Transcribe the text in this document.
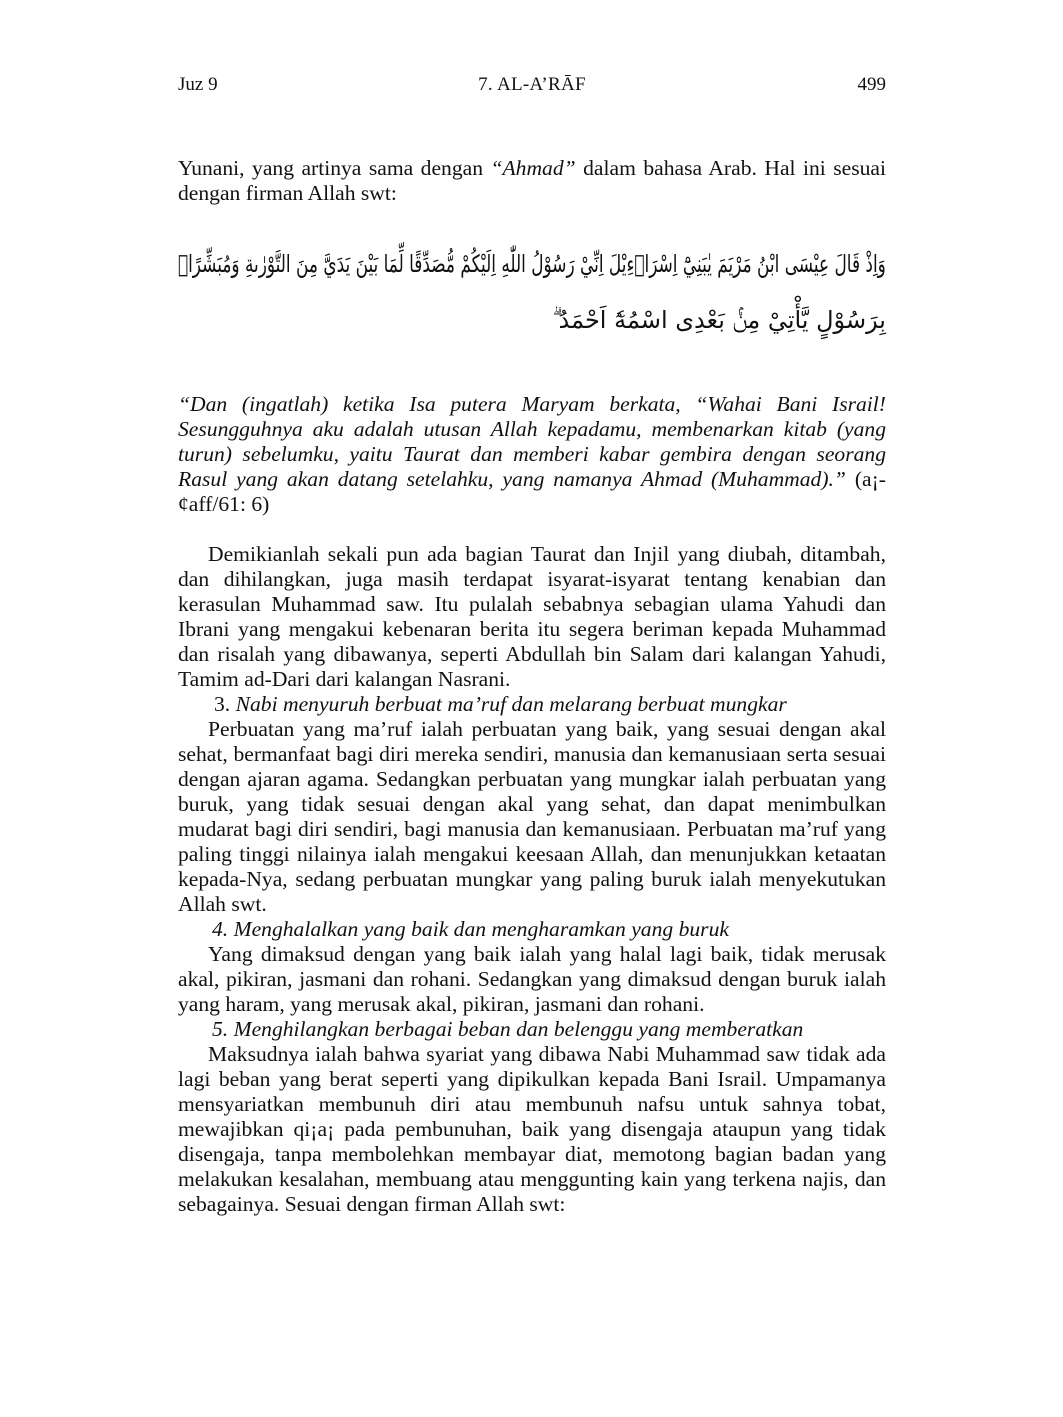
Juz 9	7. AL-A’RĀF	499

Yunani, yang artinya sama dengan “Ahmad” dalam bahasa Arab. Hal ini sesuai dengan firman Allah swt:

وَاِذْ قَالَ عِيْسَى ابْنُ مَرْيَمَ يٰبَنِيْٓ اِسْرَاۤءِيْلَ اِنِّيْ رَسُوْلُ اللّٰهِ اِلَيْكُمْ مُّصَدِّقًا لِّمَا بَيْنَ يَدَيَّ مِنَ التَّوْرٰىةِ وَمُبَشِّرًاۢ
بِرَسُوْلٍ يَّأْتِيْ مِنْۢ بَعْدِى اسْمُهٗٓ اَحْمَدُ ۗ

“Dan (ingatlah) ketika Isa putera Maryam berkata, “Wahai Bani Israil! Sesungguhnya aku adalah utusan Allah kepadamu, membenarkan kitab (yang turun) sebelumku, yaitu Taurat dan memberi kabar gembira dengan seorang Rasul yang akan datang setelahku, yang namanya Ahmad (Muhammad).” (a¡-¢aff/61: 6)

Demikianlah sekali pun ada bagian Taurat dan Injil yang diubah, ditambah, dan dihilangkan, juga masih terdapat isyarat-isyarat tentang kenabian dan kerasulan Muhammad saw. Itu pulalah sebabnya sebagian ulama Yahudi dan Ibrani yang mengakui kebenaran berita itu segera beriman kepada Muhammad dan risalah yang dibawanya, seperti Abdullah bin Salam dari kalangan Yahudi, Tamim ad-Dari dari kalangan Nasrani.

3. Nabi menyuruh berbuat ma’ruf dan melarang berbuat mungkar

Perbuatan yang ma’ruf ialah perbuatan yang baik, yang sesuai dengan akal sehat, bermanfaat bagi diri mereka sendiri, manusia dan kemanusiaan serta sesuai dengan ajaran agama. Sedangkan perbuatan yang mungkar ialah perbuatan yang buruk, yang tidak sesuai dengan akal yang sehat, dan dapat menimbulkan mudarat bagi diri sendiri, bagi manusia dan kemanusiaan. Perbuatan ma’ruf yang paling tinggi nilainya ialah mengakui keesaan Allah, dan menunjukkan ketaatan kepada-Nya, sedang perbuatan mungkar yang paling buruk ialah menyekutukan Allah swt.

4. Menghalalkan yang baik dan mengharamkan yang buruk

Yang dimaksud dengan yang baik ialah yang halal lagi baik, tidak merusak akal, pikiran, jasmani dan rohani. Sedangkan yang dimaksud dengan buruk ialah yang haram, yang merusak akal, pikiran, jasmani dan rohani.

5. Menghilangkan berbagai beban dan belenggu yang memberatkan

Maksudnya ialah bahwa syariat yang dibawa Nabi Muhammad saw tidak ada lagi beban yang berat seperti yang dipikulkan kepada Bani Israil. Umpamanya mensyariatkan membunuh diri atau membunuh nafsu untuk sahnya tobat, mewajibkan qi¡a¡ pada pembunuhan, baik yang disengaja ataupun yang tidak disengaja, tanpa membolehkan membayar diat, memotong bagian badan yang melakukan kesalahan, membuang atau menggunting kain yang terkena najis, dan sebagainya. Sesuai dengan firman Allah swt:
